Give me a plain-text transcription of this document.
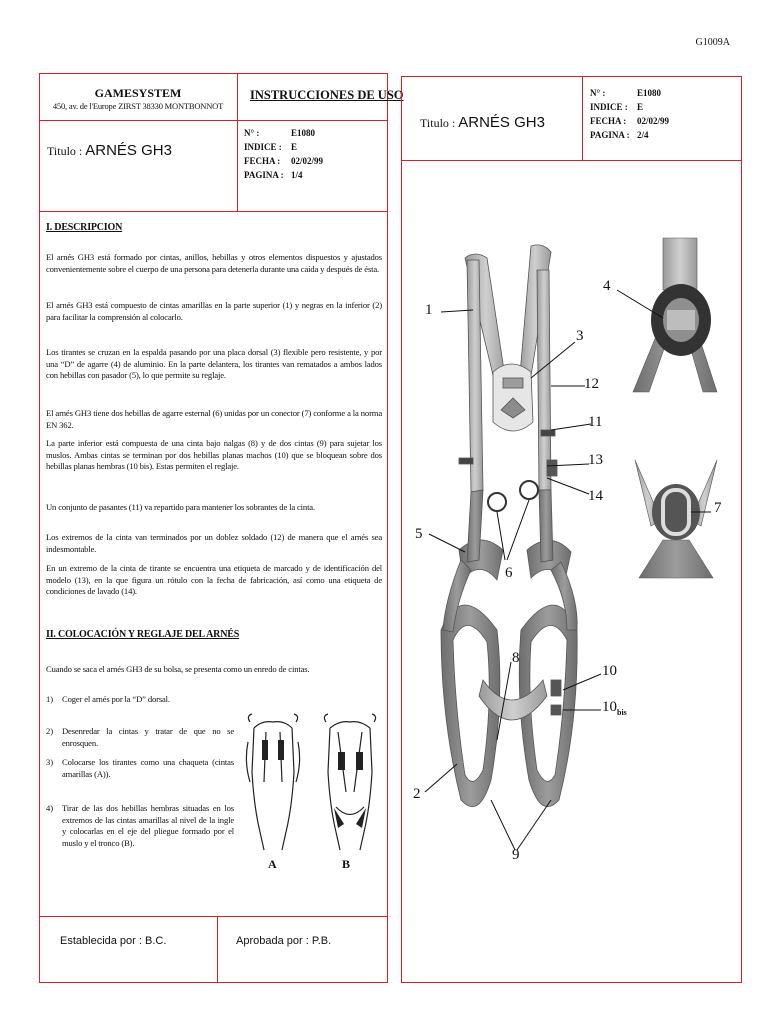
G1009A
GAMESYSTEM
450, av. de l'Europe ZIRST 38330 MONTBONNOT
INSTRUCCIONES DE USO
Titulo : ARNÉS GH3
N° :	E1080
INDICE : E
FECHA : 02/02/99
PAGINA : 1/4
I. DESCRIPCION
El arnés GH3 está formado por cintas, anillos, hebillas y otros elementos dispuestos y ajustados convenientemente sobre el cuerpo de una persona para detenerla durante una caída y después de ésta.
El arnés GH3 está compuesto de cintas amarillas en la parte superior (1) y negras en la inferior (2) para facilitar la comprensión al colocarlo.
Los tirantes se cruzan en la espalda pasando por una placa dorsal (3) flexible pero resistente, y por una “D” de agarre (4) de aluminio. En la parte delantera, los tirantes van rematados a ambos lados con hebillas con pasador (5), lo que permite su reglaje.
El arnés GH3 tiene dos hebillas de agarre esternal (6) unidas por un conector (7) conforme a la norma EN 362.
La parte inferior está compuesta de una cinta bajo nalgas (8) y de dos cintas (9) para sujetar los muslos. Ambas cintas se terminan por dos hebillas planas machos (10) que se bloquean sobre dos hebillas planas hembras (10 bis). Estas permiten el reglaje.
Un conjunto de pasantes (11) va repartido para mantener los sobrantes de la cinta.
Los extremos de la cinta van terminados por un doblez soldado (12) de manera que el arnés sea indesmontable.
En un extremo de la cinta de tirante se encuentra una etiqueta de marcado y de identificación del modelo (13), en la que figura un rótulo con la fecha de fabricación, así como una etiqueta de condiciones de lavado (14).
II. COLOCACIÓN Y REGLAJE DEL ARNÉS
Cuando se saca el arnés GH3 de su bolsa, se presenta como un enredo de cintas.
1) Coger el arnés por la “D” dorsal.
2) Desenredar la cintas y tratar de que no se enrosquen.
3) Colocarse los tirantes como una chaqueta (cintas amarillas (A)).
4) Tirar de las dos hebillas hembras situadas en los extremos de las cintas amarillas al nivel de la ingle y colocarlas en el eje del pliegue formado por el muslo y el tronco (B).
A	B
Establecida por : B.C.	Aprobada por : P.B.
Titulo : ARNÉS GH3
N° :	E1080
INDICE : E
FECHA : 02/02/99
PAGINA : 2/4
1
2
3
4
5
6
7
8
9
10
$10_{bis}$
11
12
13
14
